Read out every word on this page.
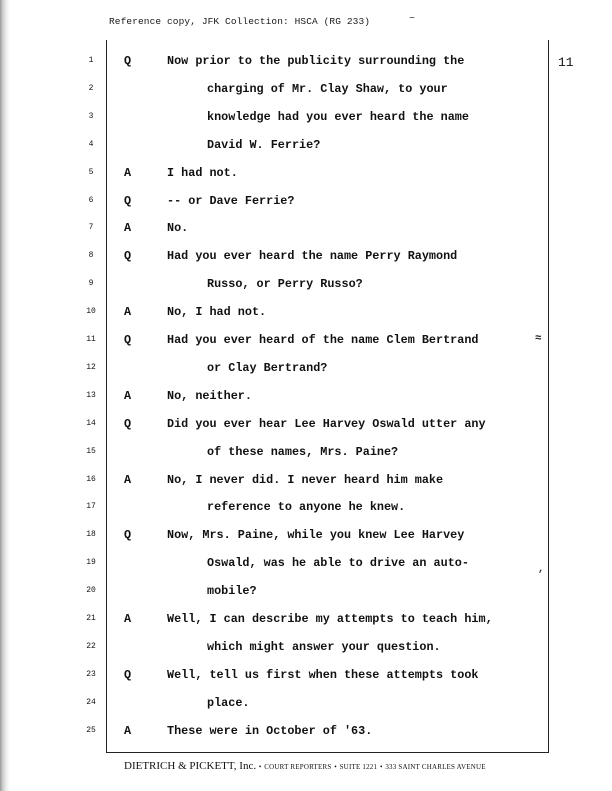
Reference copy, JFK Collection: HSCA (RG 233)	~
11
1	Q	Now prior to the publicity surrounding the
2	charging of Mr. Clay Shaw, to your
3	knowledge had you ever heard the name
4	David W. Ferrie?
5	A	I had not.
6	Q	-- or Dave Ferrie?
7	A	No.
8	Q	Had you ever heard the name Perry Raymond
9	Russo, or Perry Russo?
10	A	No, I had not.
11	Q	Had you ever heard of the name Clem Bertrand
12	or Clay Bertrand?
13	A	No, neither.
14	Q	Did you ever hear Lee Harvey Oswald utter any
15	of these names, Mrs. Paine?
16	A	No, I never did. I never heard him make
17	reference to anyone he knew.
18	Q	Now, Mrs. Paine, while you knew Lee Harvey
19	Oswald, was he able to drive an auto-
20	mobile?
21	A	Well, I can describe my attempts to teach him,
22	which might answer your question.
23	Q	Well, tell us first when these attempts took
24	place.
25	A	These were in October of '63.
≈
,
DIETRICH & PICKETT, Inc. • COURT REPORTERS • SUITE 1221 • 333 SAINT CHARLES AVENUE
